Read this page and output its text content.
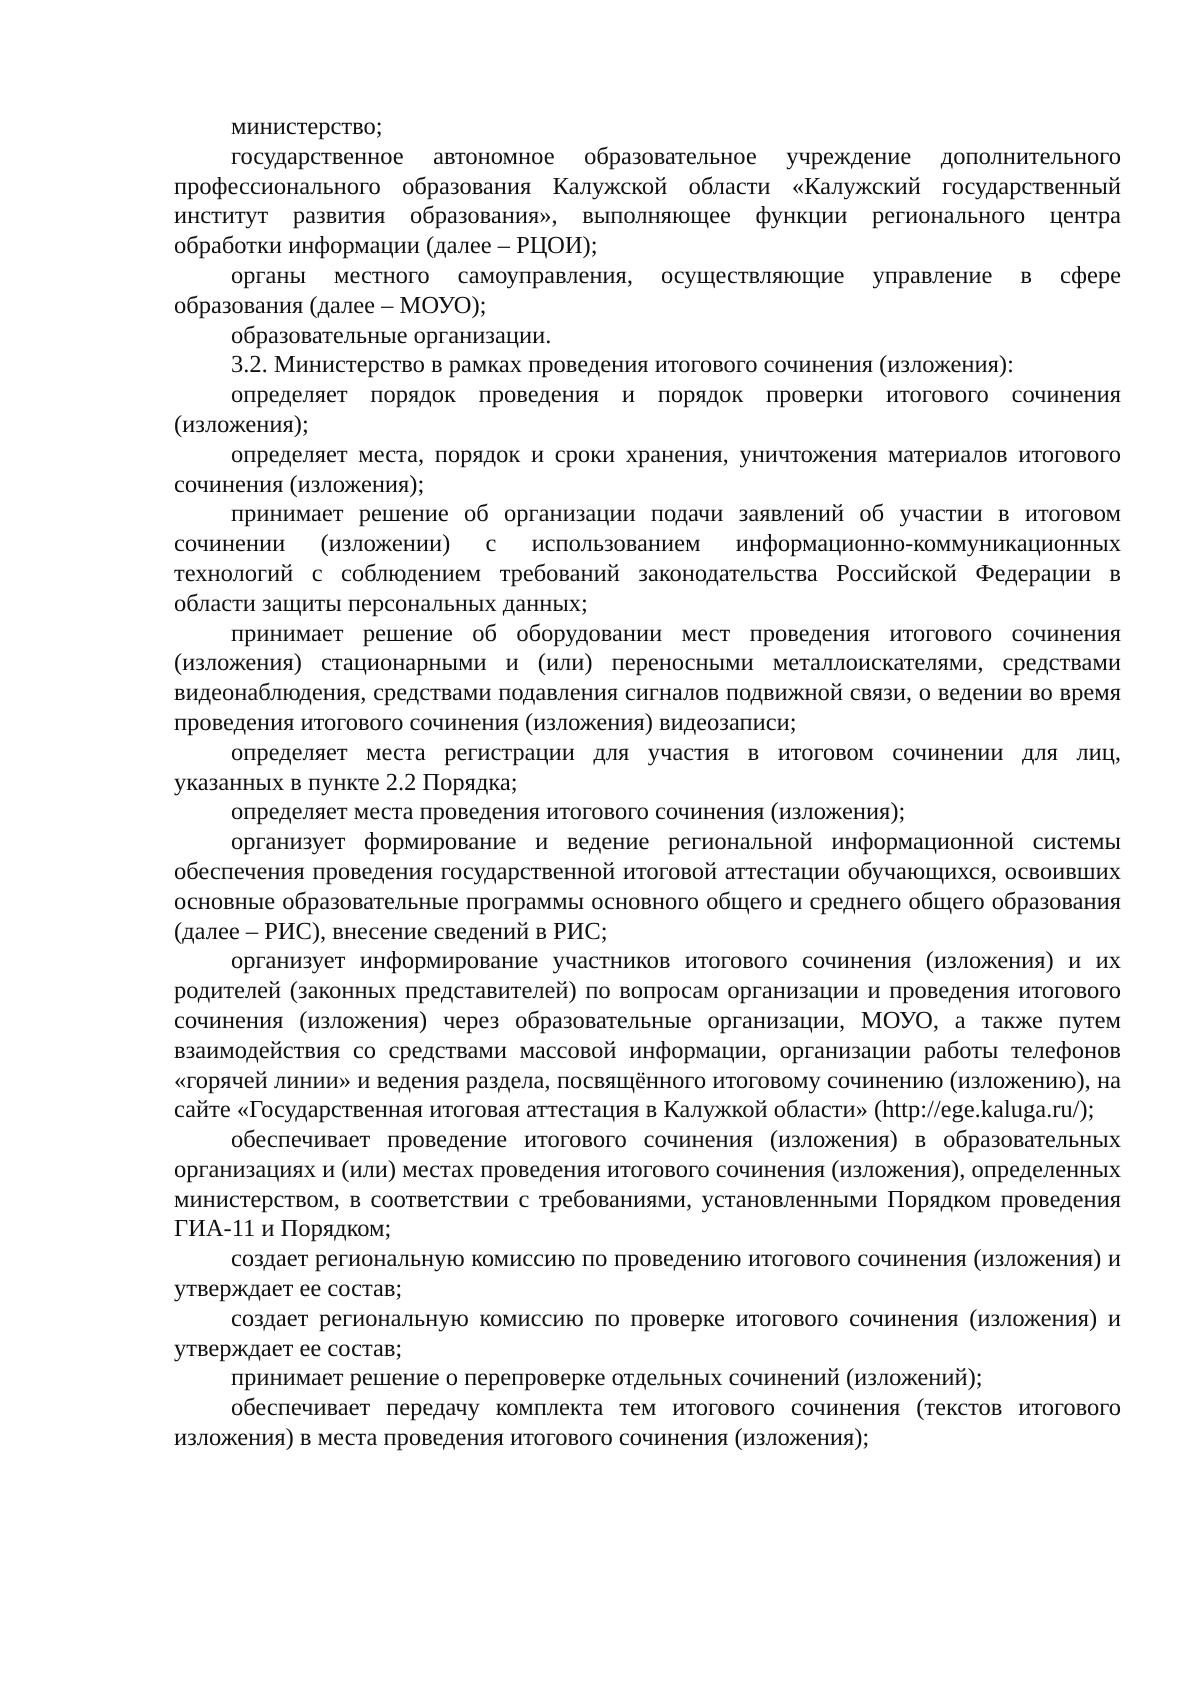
министерство;

государственное автономное образовательное учреждение дополнительного профессионального образования Калужской области «Калужский государственный институт развития образования», выполняющее функции регионального центра обработки информации (далее – РЦОИ);

органы местного самоуправления, осуществляющие управление в сфере образования (далее – МОУО);

образовательные организации.

3.2. Министерство в рамках проведения итогового сочинения (изложения):

определяет порядок проведения и порядок проверки итогового сочинения (изложения);

определяет места, порядок и сроки хранения, уничтожения материалов итогового сочинения (изложения);

принимает решение об организации подачи заявлений об участии в итоговом сочинении (изложении) с использованием информационно-коммуникационных технологий с соблюдением требований законодательства Российской Федерации в области защиты персональных данных;

принимает решение об оборудовании мест проведения итогового сочинения (изложения) стационарными и (или) переносными металлоискателями, средствами видеонаблюдения, средствами подавления сигналов подвижной связи, о ведении во время проведения итогового сочинения (изложения) видеозаписи;

определяет места регистрации для участия в итоговом сочинении для лиц, указанных в пункте 2.2 Порядка;

определяет места проведения итогового сочинения (изложения);

организует формирование и ведение региональной информационной системы обеспечения проведения государственной итоговой аттестации обучающихся, освоивших основные образовательные программы основного общего и среднего общего образования (далее – РИС), внесение сведений в РИС;

организует информирование участников итогового сочинения (изложения) и их родителей (законных представителей) по вопросам организации и проведения итогового сочинения (изложения) через образовательные организации, МОУО, а также путем взаимодействия со средствами массовой информации, организации работы телефонов «горячей линии» и ведения раздела, посвящённого итоговому сочинению (изложению), на сайте «Государственная итоговая аттестация в Калужкой области» (http://ege.kaluga.ru/);

обеспечивает проведение итогового сочинения (изложения) в образовательных организациях и (или) местах проведения итогового сочинения (изложения), определенных министерством, в соответствии с требованиями, установленными Порядком проведения ГИА-11 и Порядком;

создает региональную комиссию по проведению итогового сочинения (изложения) и утверждает ее состав;

создает региональную комиссию по проверке итогового сочинения (изложения) и утверждает ее состав;

принимает решение о перепроверке отдельных сочинений (изложений);

обеспечивает передачу комплекта тем итогового сочинения (текстов итогового изложения) в места проведения итогового сочинения (изложения);
